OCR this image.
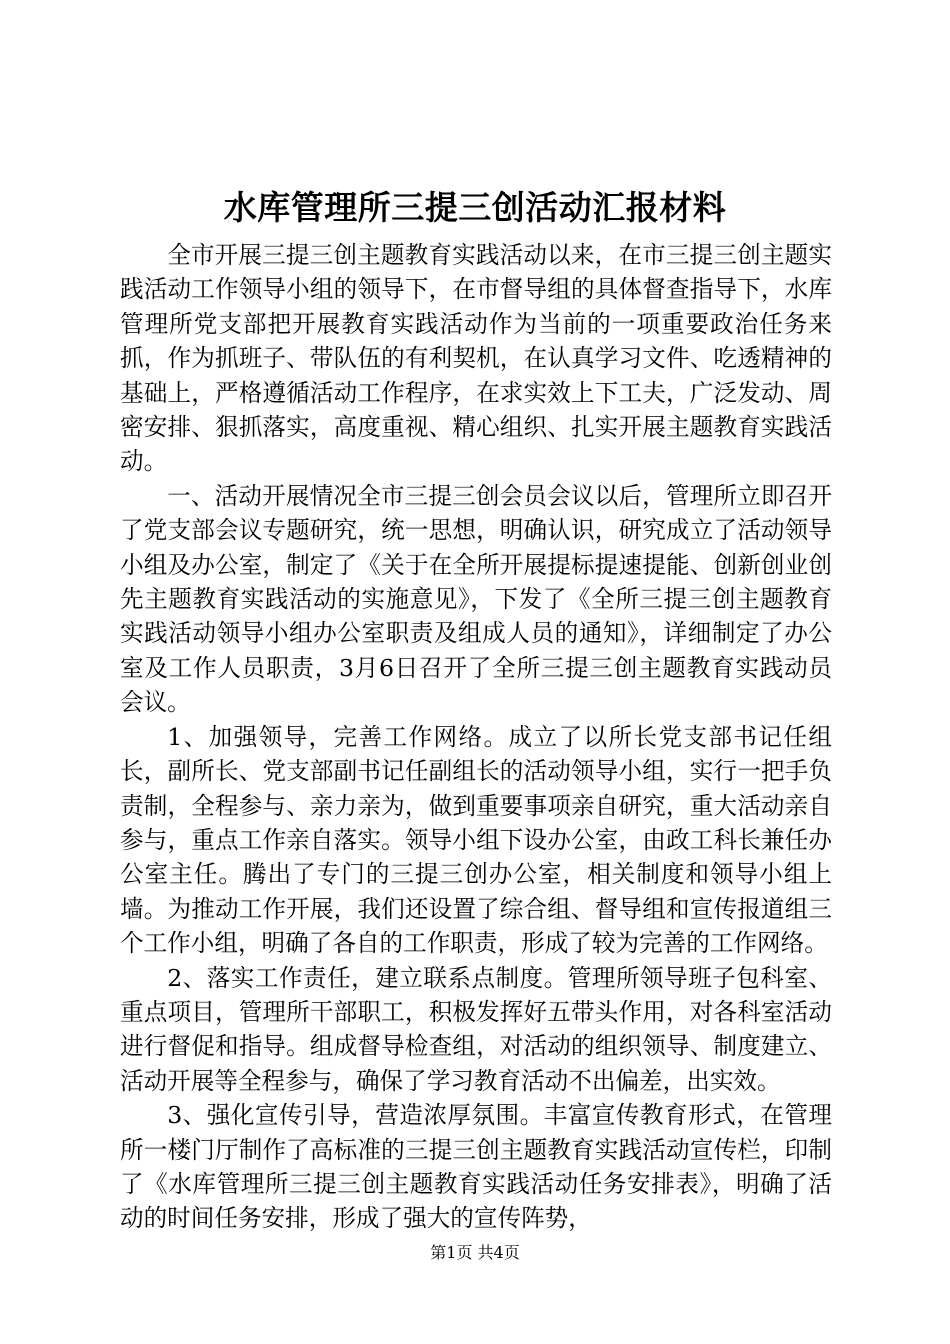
水库管理所三提三创活动汇报材料

全市开展三提三创主题教育实践活动以来，在市三提三创主题实践活动工作领导小组的领导下，在市督导组的具体督查指导下，水库管理所党支部把开展教育实践活动作为当前的一项重要政治任务来抓，作为抓班子、带队伍的有利契机，在认真学习文件、吃透精神的基础上，严格遵循活动工作程序，在求实效上下工夫，广泛发动、周密安排、狠抓落实，高度重视、精心组织、扎实开展主题教育实践活动。

一、活动开展情况全市三提三创会员会议以后，管理所立即召开了党支部会议专题研究，统一思想，明确认识，研究成立了活动领导小组及办公室，制定了《关于在全所开展提标提速提能、创新创业创先主题教育实践活动的实施意见》，下发了《全所三提三创主题教育实践活动领导小组办公室职责及组成人员的通知》，详细制定了办公室及工作人员职责，3月6日召开了全所三提三创主题教育实践动员会议。

1、加强领导，完善工作网络。成立了以所长党支部书记任组长，副所长、党支部副书记任副组长的活动领导小组，实行一把手负责制，全程参与、亲力亲为，做到重要事项亲自研究，重大活动亲自参与，重点工作亲自落实。领导小组下设办公室，由政工科长兼任办公室主任。腾出了专门的三提三创办公室，相关制度和领导小组上墙。为推动工作开展，我们还设置了综合组、督导组和宣传报道组三个工作小组，明确了各自的工作职责，形成了较为完善的工作网络。

2、落实工作责任，建立联系点制度。管理所领导班子包科室、重点项目，管理所干部职工，积极发挥好五带头作用，对各科室活动进行督促和指导。组成督导检查组，对活动的组织领导、制度建立、活动开展等全程参与，确保了学习教育活动不出偏差，出实效。

3、强化宣传引导，营造浓厚氛围。丰富宣传教育形式，在管理所一楼门厅制作了高标准的三提三创主题教育实践活动宣传栏，印制了《水库管理所三提三创主题教育实践活动任务安排表》，明确了活动的时间任务安排，形成了强大的宣传阵势，

第1页 共4页
